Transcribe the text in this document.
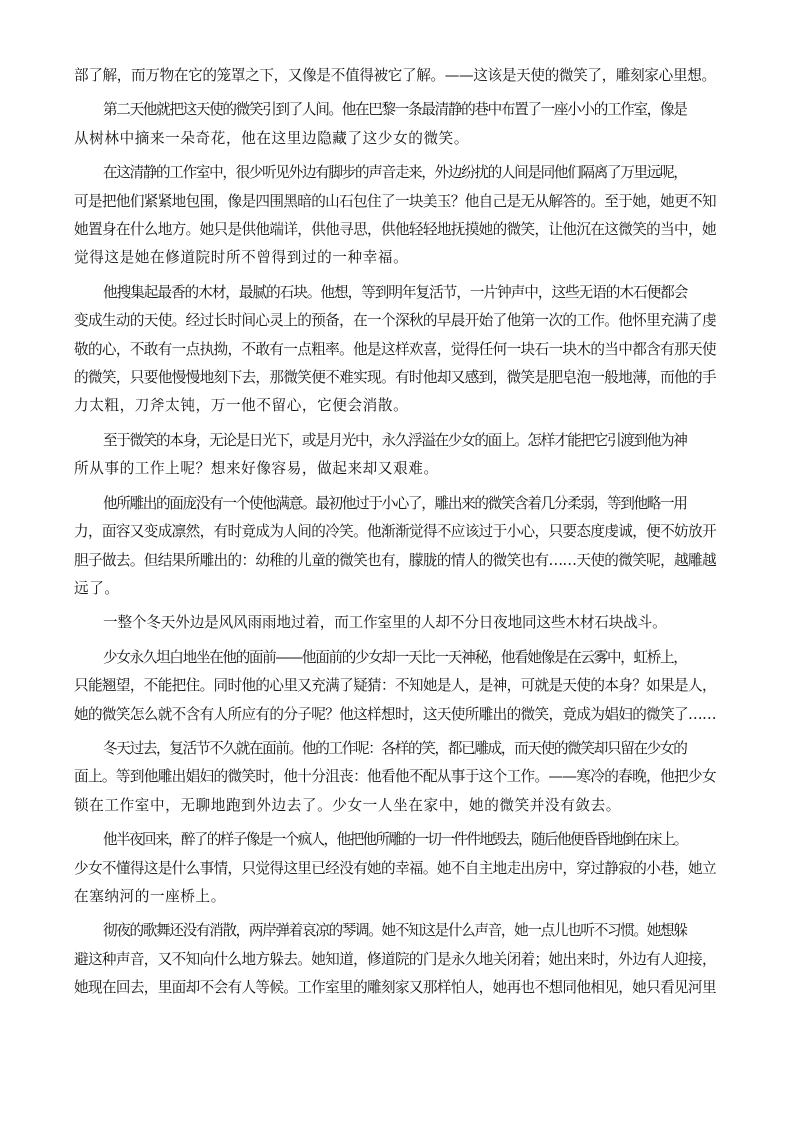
部了解，而万物在它的笼罩之下，又像是不值得被它了解。——这该是天使的微笑了，雕刻家心里想。

第二天他就把这天使的微笑引到了人间。他在巴黎一条最清静的巷中布置了一座小小的工作室，像是
从树林中摘来一朵奇花，他在这里边隐藏了这少女的微笑。

在这清静的工作室中，很少听见外边有脚步的声音走来，外边纷扰的人间是同他们隔离了万里远呢，
可是把他们紧紧地包围，像是四围黑暗的山石包住了一块美玉？他自己是无从解答的。至于她，她更不知
她置身在什么地方。她只是供他端详，供他寻思，供他轻轻地抚摸她的微笑，让他沉在这微笑的当中，她
觉得这是她在修道院时所不曾得到过的一种幸福。

他搜集起最香的木材，最腻的石块。他想，等到明年复活节，一片钟声中，这些无语的木石便都会
变成生动的天使。经过长时间心灵上的预备，在一个深秋的早晨开始了他第一次的工作。他怀里充满了虔
敬的心，不敢有一点执拗，不敢有一点粗率。他是这样欢喜，觉得任何一块石一块木的当中都含有那天使
的微笑，只要他慢慢地刻下去，那微笑便不难实现。有时他却又感到，微笑是肥皂泡一般地薄，而他的手
力太粗，刀斧太钝，万一他不留心，它便会消散。

至于微笑的本身，无论是日光下，或是月光中，永久浮溢在少女的面上。怎样才能把它引渡到他为神
所从事的工作上呢？想来好像容易，做起来却又艰难。

他所雕出的面庞没有一个使他满意。最初他过于小心了，雕出来的微笑含着几分柔弱，等到他略一用
力，面容又变成凛然，有时竟成为人间的冷笑。他渐渐觉得不应该过于小心，只要态度虔诚，便不妨放开
胆子做去。但结果所雕出的：幼稚的儿童的微笑也有，朦胧的情人的微笑也有……天使的微笑呢，越雕越
远了。

一整个冬天外边是风风雨雨地过着，而工作室里的人却不分日夜地同这些木材石块战斗。

少女永久坦白地坐在他的面前——他面前的少女却一天比一天神秘，他看她像是在云雾中，虹桥上，
只能翘望，不能把住。同时他的心里又充满了疑猜：不知她是人，是神，可就是天使的本身？如果是人，
她的微笑怎么就不含有人所应有的分子呢？他这样想时，这天使所雕出的微笑，竟成为娼妇的微笑了……

冬天过去，复活节不久就在面前。他的工作呢：各样的笑，都已雕成，而天使的微笑却只留在少女的
面上。等到他雕出娼妇的微笑时，他十分沮丧：他看他不配从事于这个工作。——寒冷的春晚，他把少女
锁在工作室中，无聊地跑到外边去了。少女一人坐在家中，她的微笑并没有敛去。

他半夜回来，醉了的样子像是一个疯人，他把他所雕的一切一件件地毁去，随后他便昏昏地倒在床上。
少女不懂得这是什么事情，只觉得这里已经没有她的幸福。她不自主地走出房中，穿过静寂的小巷，她立
在塞纳河的一座桥上。

彻夜的歌舞还没有消散，两岸弹着哀凉的琴调。她不知这是什么声音，她一点儿也听不习惯。她想躲
避这种声音，又不知向什么地方躲去。她知道，修道院的门是永久地关闭着；她出来时，外边有人迎接，
她现在回去，里面却不会有人等候。工作室里的雕刻家又那样怕人，她再也不想同他相见，她只看见河里
